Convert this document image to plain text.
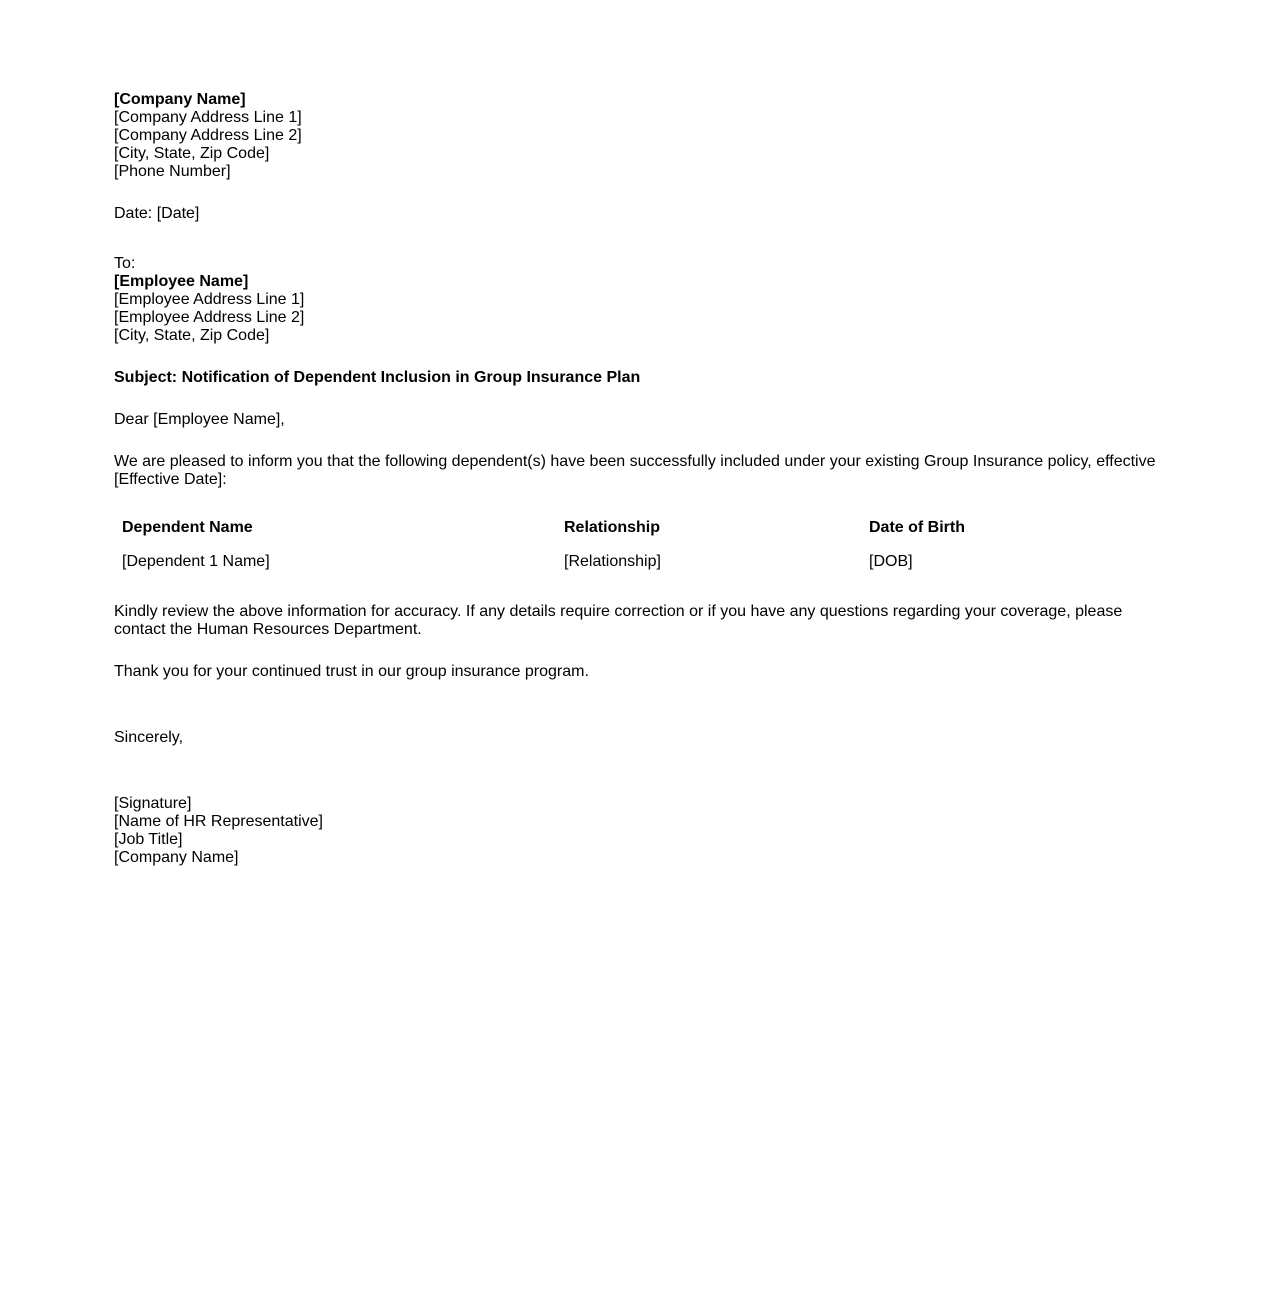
[Company Name]
[Company Address Line 1]
[Company Address Line 2]
[City, State, Zip Code]
[Phone Number]

Date: [Date]

To:
[Employee Name]
[Employee Address Line 1]
[Employee Address Line 2]
[City, State, Zip Code]

Subject: Notification of Dependent Inclusion in Group Insurance Plan

Dear [Employee Name],

We are pleased to inform you that the following dependent(s) have been successfully included under your existing Group Insurance policy, effective [Effective Date]:

Dependent Name	Relationship	Date of Birth
[Dependent 1 Name]	[Relationship]	[DOB]

Kindly review the above information for accuracy. If any details require correction or if you have any questions regarding your coverage, please contact the Human Resources Department.

Thank you for your continued trust in our group insurance program.

Sincerely,

[Signature]
[Name of HR Representative]
[Job Title]
[Company Name]
